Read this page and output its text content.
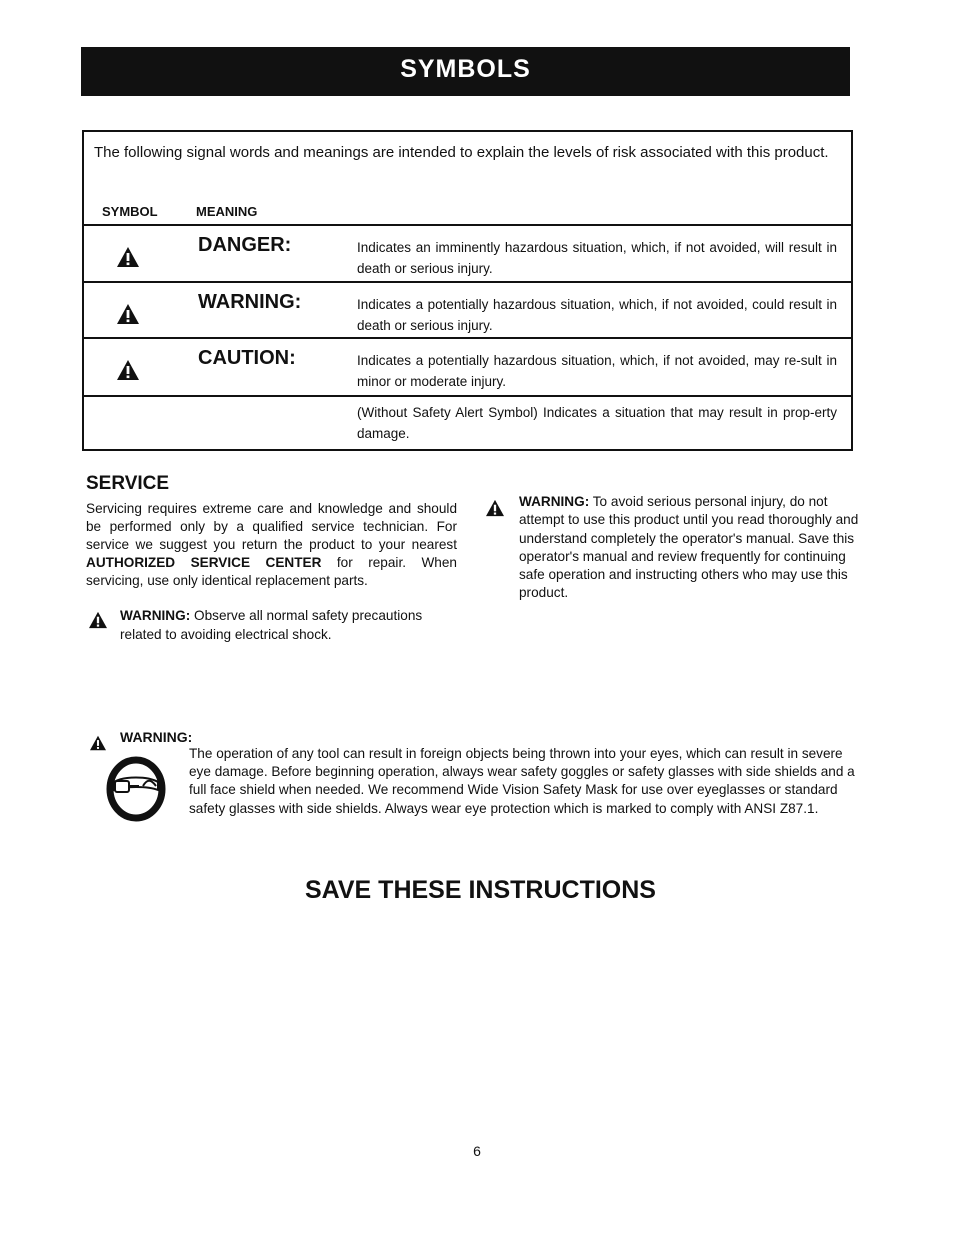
SYMBOLS
The following signal words and meanings are intended to explain the levels of risk associated with this product.
SYMBOL	MEANING
DANGER:	Indicates an imminently hazardous situation, which, if not avoided, will result in death or serious injury.
WARNING:	Indicates a potentially hazardous situation, which, if not avoided, could result in death or serious injury.
CAUTION:	Indicates a potentially hazardous situation, which, if not avoided, may re-sult in minor or moderate injury.
(Without Safety Alert Symbol) Indicates a situation that may result in prop-erty damage.
SERVICE
Servicing requires extreme care and knowledge and should be performed only by a qualified service technician. For service we suggest you return the product to your nearest AUTHORIZED SERVICE CENTER for repair. When servicing, use only identical replacement parts.
WARNING: Observe all normal safety precautions related to avoiding electrical shock.
WARNING: To avoid serious personal injury, do not attempt to use this product until you read thoroughly and understand completely the operator's manual. Save this operator's manual and review frequently for continuing safe operation and instructing others who may use this product.
WARNING:
The operation of any tool can result in foreign objects being thrown into your eyes, which can result in severe eye damage. Before beginning operation, always wear safety goggles or safety glasses with side shields and a full face shield when needed. We recommend Wide Vision Safety Mask for use over eyeglasses or standard safety glasses with side shields. Always wear eye protection which is marked to comply with ANSI Z87.1.
SAVE THESE INSTRUCTIONS
6
